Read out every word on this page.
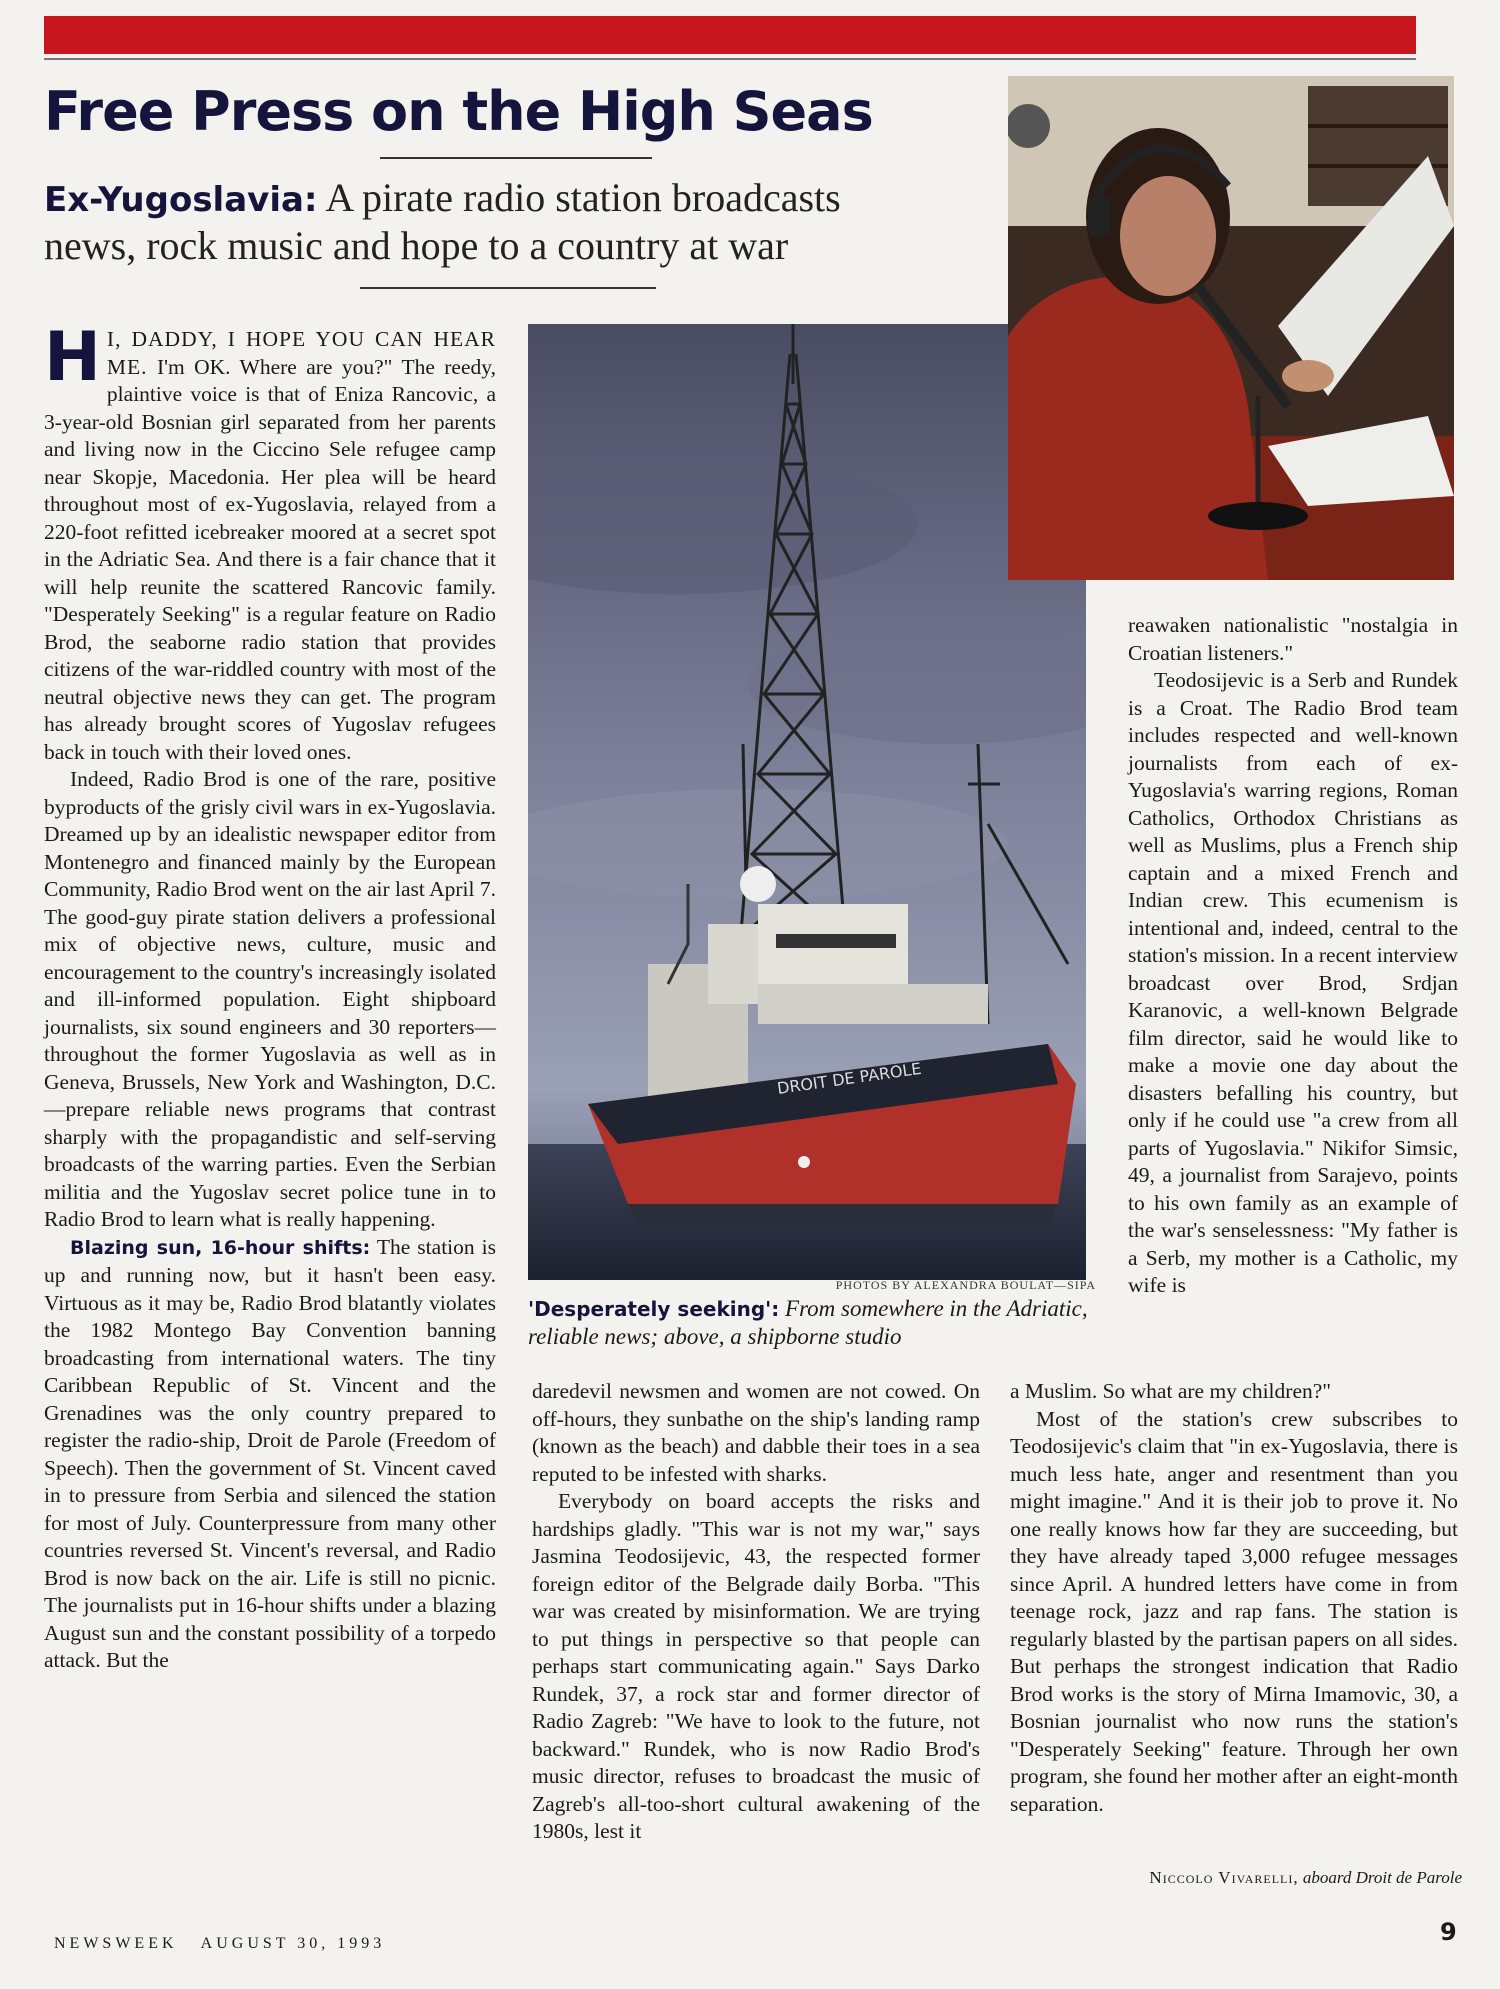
Free Press on the High Seas
Ex-Yugoslavia: A pirate radio station broadcasts
news, rock music and hope to a country at war

H I, DADDY, I HOPE YOU CAN HEAR ME. I'm OK. Where are you?" The reedy, plaintive voice is that of Eniza Rancovic, a 3-year-old Bosnian girl separated from her parents and living now in the Ciccino Sele refugee camp near Skopje, Macedonia. Her plea will be heard throughout most of ex-Yugoslavia, relayed from a 220-foot refitted icebreaker moored at a secret spot in the Adriatic Sea. And there is a fair chance that it will help reunite the scattered Rancovic family. "Desperately Seeking" is a regular feature on Radio Brod, the seaborne radio station that provides citizens of the war-riddled country with most of the neutral objective news they can get. The program has already brought scores of Yugoslav refugees back in touch with their loved ones.

Indeed, Radio Brod is one of the rare, positive byproducts of the grisly civil wars in ex-Yugoslavia. Dreamed up by an idealistic newspaper editor from Montenegro and financed mainly by the European Community, Radio Brod went on the air last April 7. The good-guy pirate station delivers a professional mix of objective news, culture, music and encouragement to the country's increasingly isolated and ill-informed population. Eight shipboard journalists, six sound engineers and 30 reporters—throughout the former Yugoslavia as well as in Geneva, Brussels, New York and Washington, D.C.—prepare reliable news programs that contrast sharply with the propagandistic and self-serving broadcasts of the warring parties. Even the Serbian militia and the Yugoslav secret police tune in to Radio Brod to learn what is really happening.

Blazing sun, 16-hour shifts: The station is up and running now, but it hasn't been easy. Virtuous as it may be, Radio Brod blatantly violates the 1982 Montego Bay Convention banning broadcasting from international waters. The tiny Caribbean Republic of St. Vincent and the Grenadines was the only country prepared to register the radio-ship, Droit de Parole (Freedom of Speech). Then the government of St. Vincent caved in to pressure from Serbia and silenced the station for most of July. Counterpressure from many other countries reversed St. Vincent's reversal, and Radio Brod is now back on the air. Life is still no picnic. The journalists put in 16-hour shifts under a blazing August sun and the constant possibility of a torpedo attack. But the

DROIT DE PAROLE
PHOTOS BY ALEXANDRA BOULAT—SIPA
'Desperately seeking': From somewhere in the Adriatic, reliable news; above, a shipborne studio

daredevil newsmen and women are not cowed. On off-hours, they sunbathe on the ship's landing ramp (known as the beach) and dabble their toes in a sea reputed to be infested with sharks.

Everybody on board accepts the risks and hardships gladly. "This war is not my war," says Jasmina Teodosijevic, 43, the respected former foreign editor of the Belgrade daily Borba. "This war was created by misinformation. We are trying to put things in perspective so that people can perhaps start communicating again." Says Darko Rundek, 37, a rock star and former director of Radio Zagreb: "We have to look to the future, not backward." Rundek, who is now Radio Brod's music director, refuses to broadcast the music of Zagreb's all-too-short cultural awakening of the 1980s, lest it

reawaken nationalistic "nostalgia in Croatian listeners."

Teodosijevic is a Serb and Rundek is a Croat. The Radio Brod team includes respected and well-known journalists from each of ex-Yugoslavia's warring regions, Roman Catholics, Orthodox Christians as well as Muslims, plus a French ship captain and a mixed French and Indian crew. This ecumenism is intentional and, indeed, central to the station's mission. In a recent interview broadcast over Brod, Srdjan Karanovic, a well-known Belgrade film director, said he would like to make a movie one day about the disasters befalling his country, but only if he could use "a crew from all parts of Yugoslavia." Nikifor Simsic, 49, a journalist from Sarajevo, points to his own family as an example of the war's senselessness: "My father is a Serb, my mother is a Catholic, my wife is

a Muslim. So what are my children?"

Most of the station's crew subscribes to Teodosijevic's claim that "in ex-Yugoslavia, there is much less hate, anger and resentment than you might imagine." And it is their job to prove it. No one really knows how far they are succeeding, but they have already taped 3,000 refugee messages since April. A hundred letters have come in from teenage rock, jazz and rap fans. The station is regularly blasted by the partisan papers on all sides. But perhaps the strongest indication that Radio Brod works is the story of Mirna Imamovic, 30, a Bosnian journalist who now runs the station's "Desperately Seeking" feature. Through her own program, she found her mother after an eight-month separation.

Niccolo Vivarelli, aboard Droit de Parole
NEWSWEEK AUGUST 30, 1993	9
